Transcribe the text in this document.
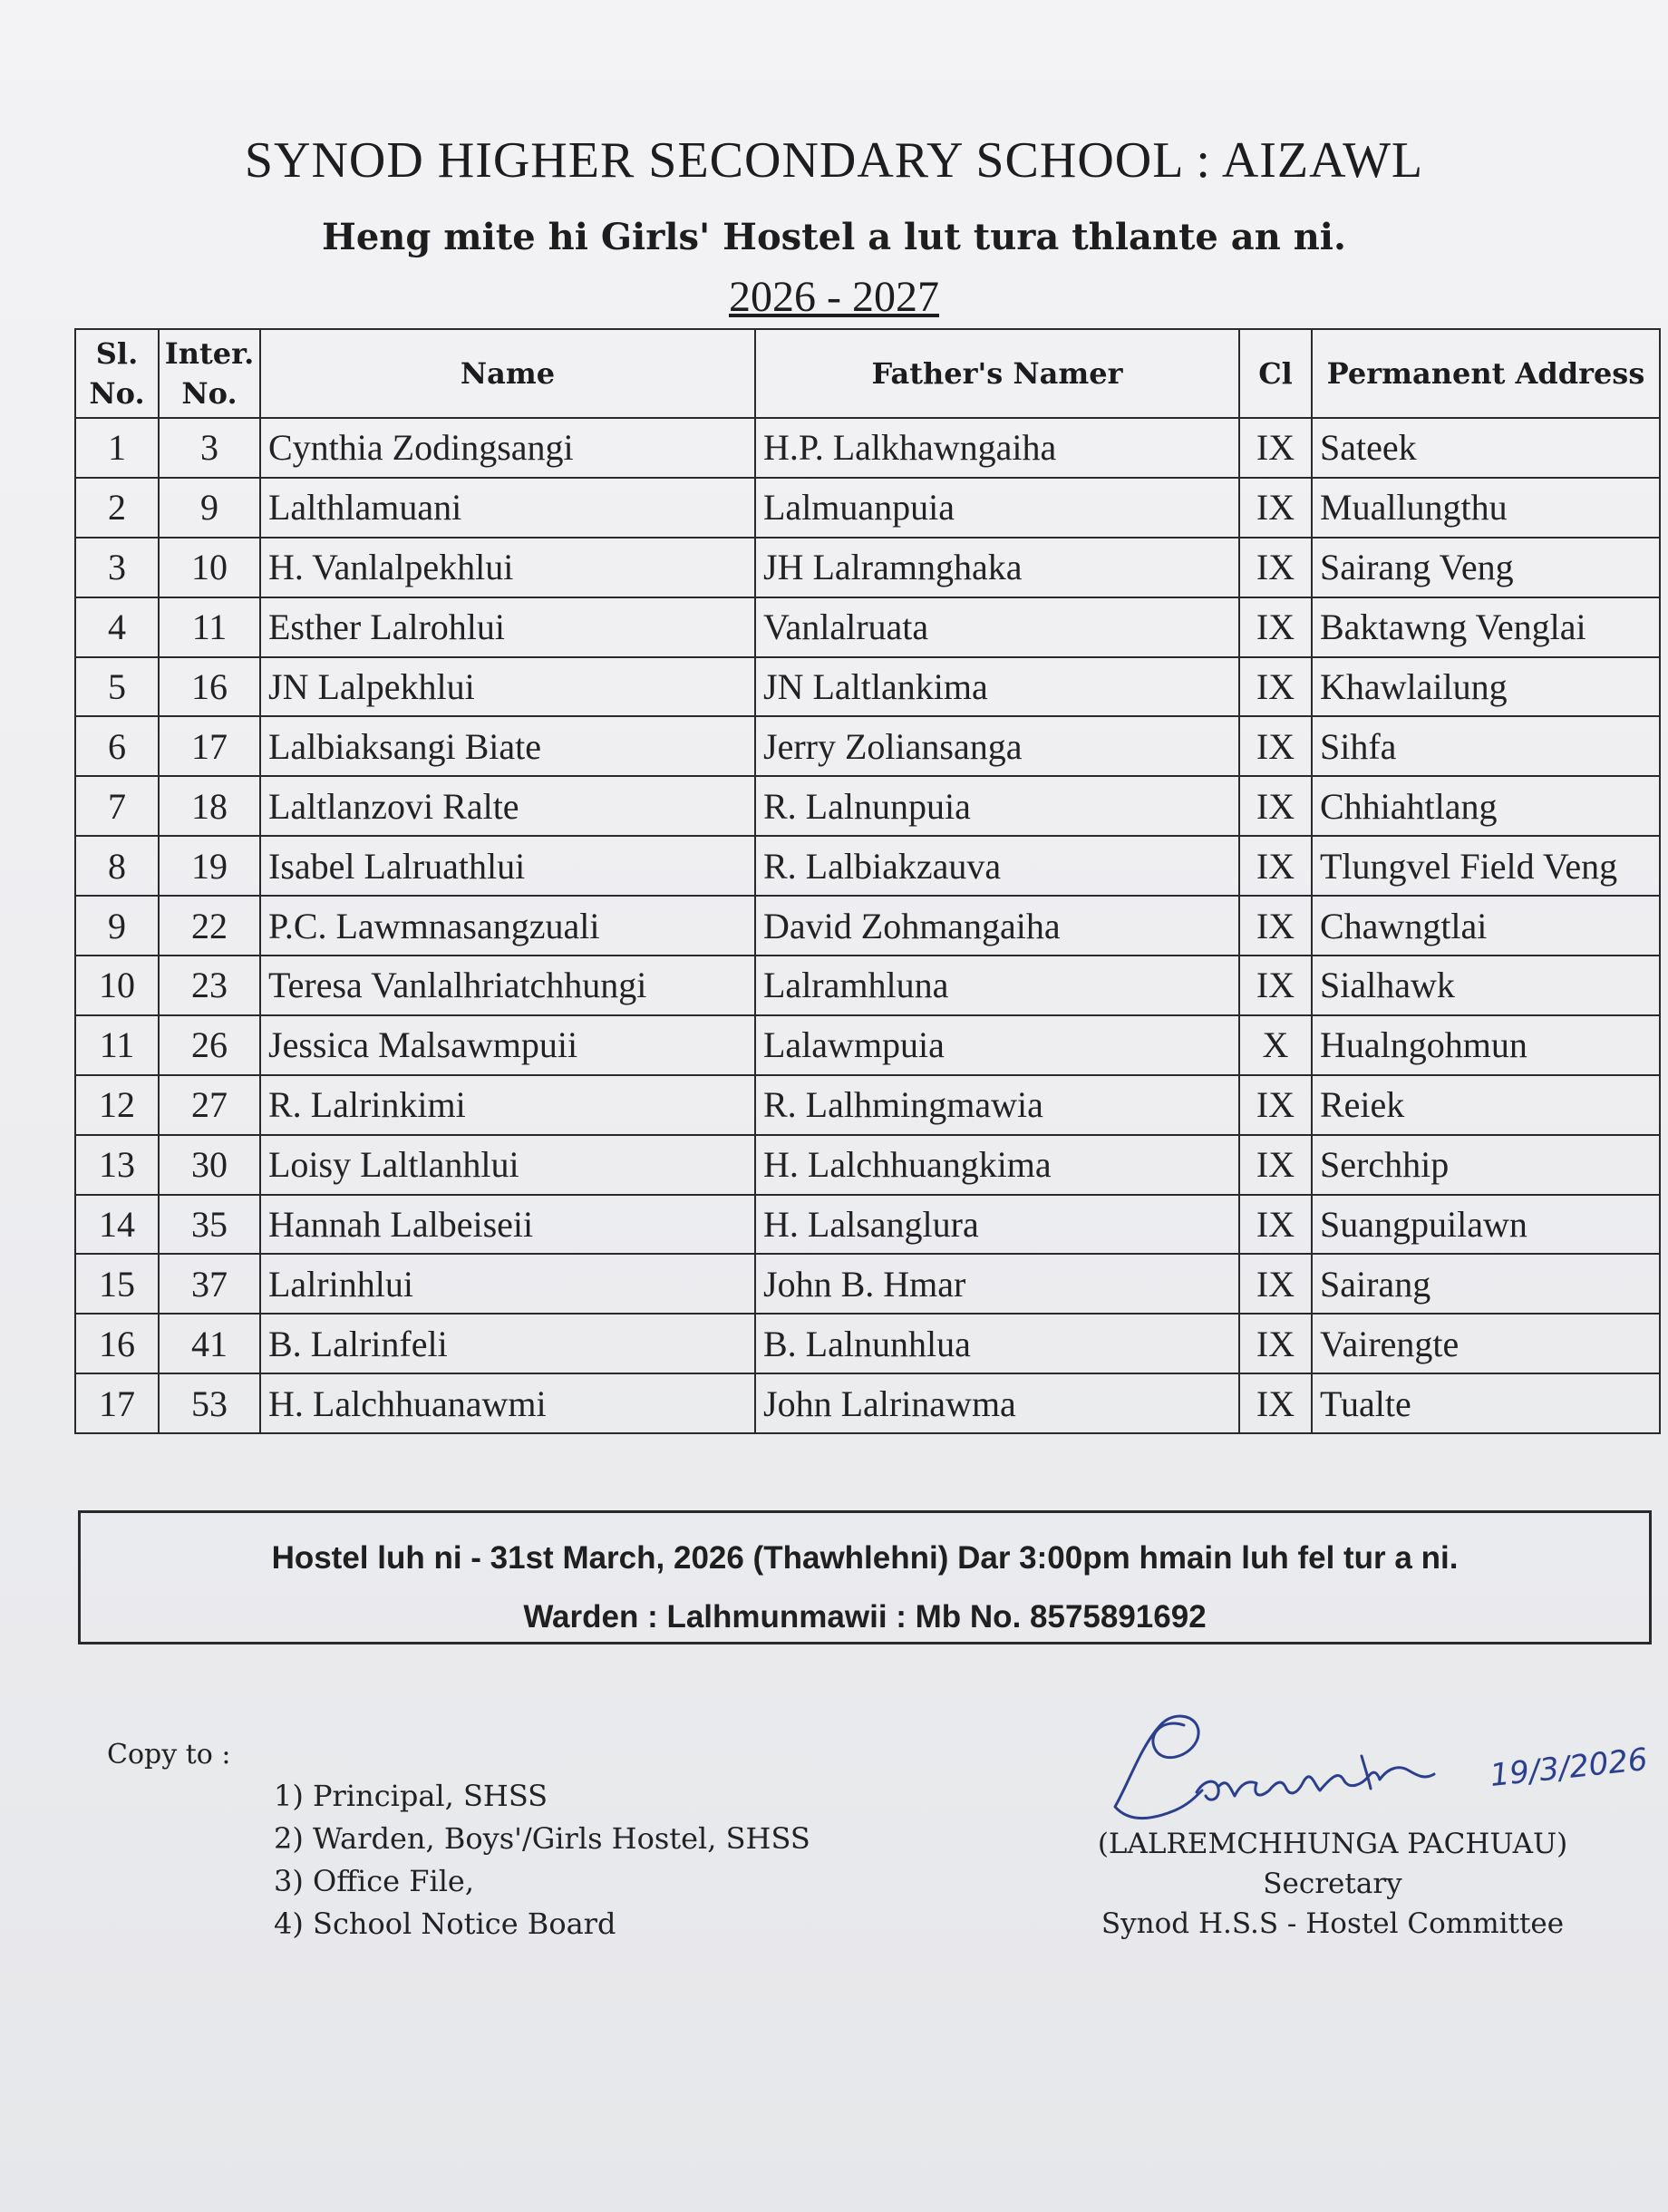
SYNOD HIGHER SECONDARY SCHOOL : AIZAWL
Heng mite hi Girls' Hostel a lut tura thlante an ni.
2026 - 2027
Sl. No.	Inter. No.	Name	Father's Namer	Cl	Permanent Address
1	3	Cynthia Zodingsangi	H.P. Lalkhawngaiha	IX	Sateek
2	9	Lalthlamuani	Lalmuanpuia	IX	Muallungthu
3	10	H. Vanlalpekhlui	JH Lalramnghaka	IX	Sairang Veng
4	11	Esther Lalrohlui	Vanlalruata	IX	Baktawng Venglai
5	16	JN Lalpekhlui	JN Laltlankima	IX	Khawlailung
6	17	Lalbiaksangi Biate	Jerry Zoliansanga	IX	Sihfa
7	18	Laltlanzovi Ralte	R. Lalnunpuia	IX	Chhiahtlang
8	19	Isabel Lalruathlui	R. Lalbiakzauva	IX	Tlungvel Field Veng
9	22	P.C. Lawmnasangzuali	David Zohmangaiha	IX	Chawngtlai
10	23	Teresa Vanlalhriatchhungi	Lalramhluna	IX	Sialhawk
11	26	Jessica Malsawmpuii	Lalawmpuia	X	Hualngohmun
12	27	R. Lalrinkimi	R. Lalhmingmawia	IX	Reiek
13	30	Loisy Laltlanhlui	H. Lalchhuangkima	IX	Serchhip
14	35	Hannah Lalbeiseii	H. Lalsanglura	IX	Suangpuilawn
15	37	Lalrinhlui	John B. Hmar	IX	Sairang
16	41	B. Lalrinfeli	B. Lalnunhlua	IX	Vairengte
17	53	H. Lalchhuanawmi	John Lalrinawma	IX	Tualte
Hostel luh ni - 31st March, 2026 (Thawhlehni) Dar 3:00pm hmain luh fel tur a ni.
Warden : Lalhmunmawii : Mb No. 8575891692
Copy to :
1) Principal, SHSS
2) Warden, Boys'/Girls Hostel, SHSS
3) Office File,
4) School Notice Board
19/3/2026
(LALREMCHHUNGA PACHUAU)
Secretary
Synod H.S.S - Hostel Committee
